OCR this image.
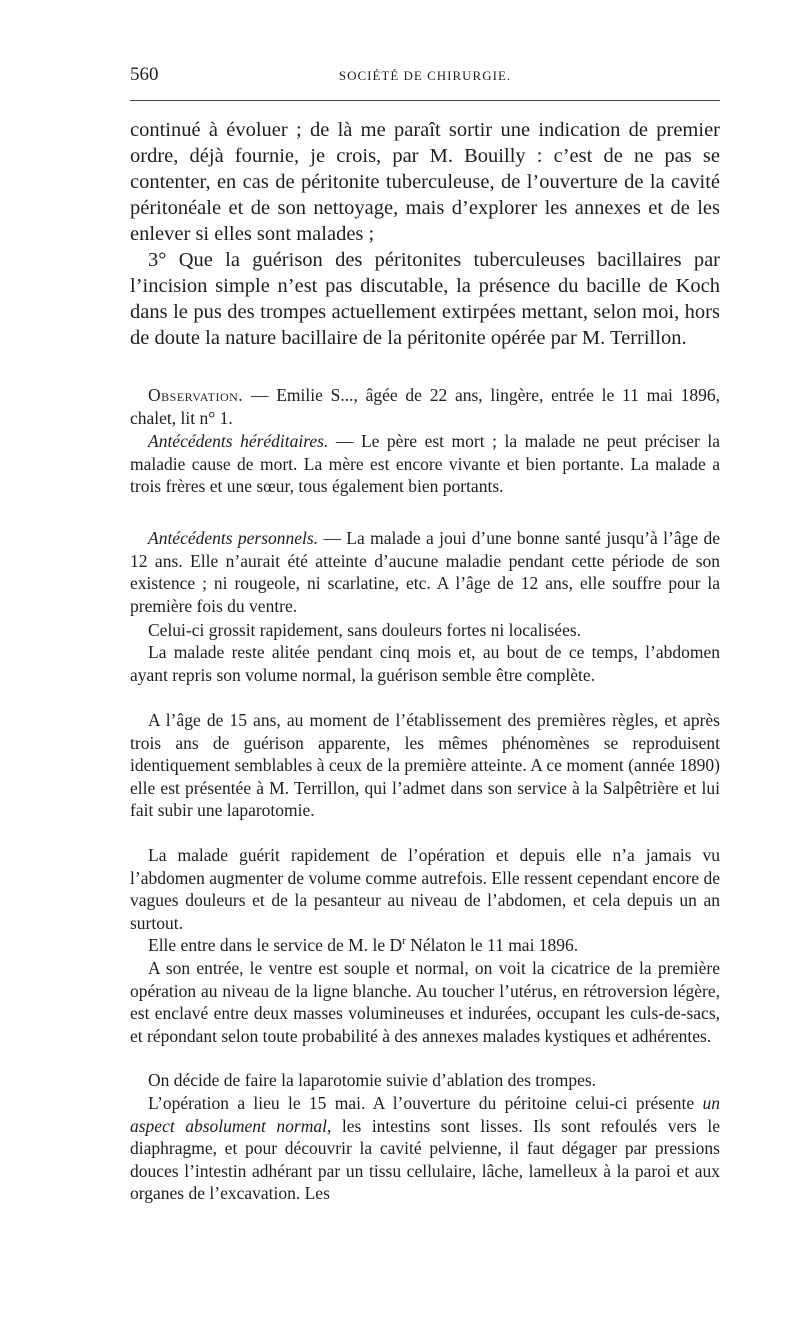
560	SOCIÉTÉ DE CHIRURGIE.

continué à évoluer ; de là me paraît sortir une indication de premier ordre, déjà fournie, je crois, par M. Bouilly : c’est de ne pas se contenter, en cas de péritonite tuberculeuse, de l’ouverture de la cavité péritonéale et de son nettoyage, mais d’explorer les annexes et de les enlever si elles sont malades ;

3° Que la guérison des péritonites tuberculeuses bacillaires par l’incision simple n’est pas discutable, la présence du bacille de Koch dans le pus des trompes actuellement extirpées mettant, selon moi, hors de doute la nature bacillaire de la péritonite opérée par M. Terrillon.

Observation. — Emilie S..., âgée de 22 ans, lingère, entrée le 11 mai 1896, chalet, lit n° 1.

Antécédents héréditaires. — Le père est mort ; la malade ne peut préciser la maladie cause de mort. La mère est encore vivante et bien portante. La malade a trois frères et une sœur, tous également bien portants.

Antécédents personnels. — La malade a joui d’une bonne santé jusqu’à l’âge de 12 ans. Elle n’aurait été atteinte d’aucune maladie pendant cette période de son existence ; ni rougeole, ni scarlatine, etc. A l’âge de 12 ans, elle souffre pour la première fois du ventre.

Celui-ci grossit rapidement, sans douleurs fortes ni localisées.

La malade reste alitée pendant cinq mois et, au bout de ce temps, l’abdomen ayant repris son volume normal, la guérison semble être complète.

A l’âge de 15 ans, au moment de l’établissement des premières règles, et après trois ans de guérison apparente, les mêmes phénomènes se reproduisent identiquement semblables à ceux de la première atteinte. A ce moment (année 1890) elle est présentée à M. Terrillon, qui l’admet dans son service à la Salpêtrière et lui fait subir une laparotomie.

La malade guérit rapidement de l’opération et depuis elle n’a jamais vu l’abdomen augmenter de volume comme autrefois. Elle ressent cependant encore de vagues douleurs et de la pesanteur au niveau de l’abdomen, et cela depuis un an surtout.

Elle entre dans le service de M. le $D^r$ Nélaton le 11 mai 1896.

A son entrée, le ventre est souple et normal, on voit la cicatrice de la première opération au niveau de la ligne blanche. Au toucher l’utérus, en rétroversion légère, est enclavé entre deux masses volumineuses et indurées, occupant les culs-de-sacs, et répondant selon toute probabilité à des annexes malades kystiques et adhérentes.

On décide de faire la laparotomie suivie d’ablation des trompes.

L’opération a lieu le 15 mai. A l’ouverture du péritoine celui-ci présente un aspect absolument normal, les intestins sont lisses. Ils sont refoulés vers le diaphragme, et pour découvrir la cavité pelvienne, il faut dégager par pressions douces l’intestin adhérant par un tissu cellulaire, lâche, lamelleux à la paroi et aux organes de l’excavation. Les
